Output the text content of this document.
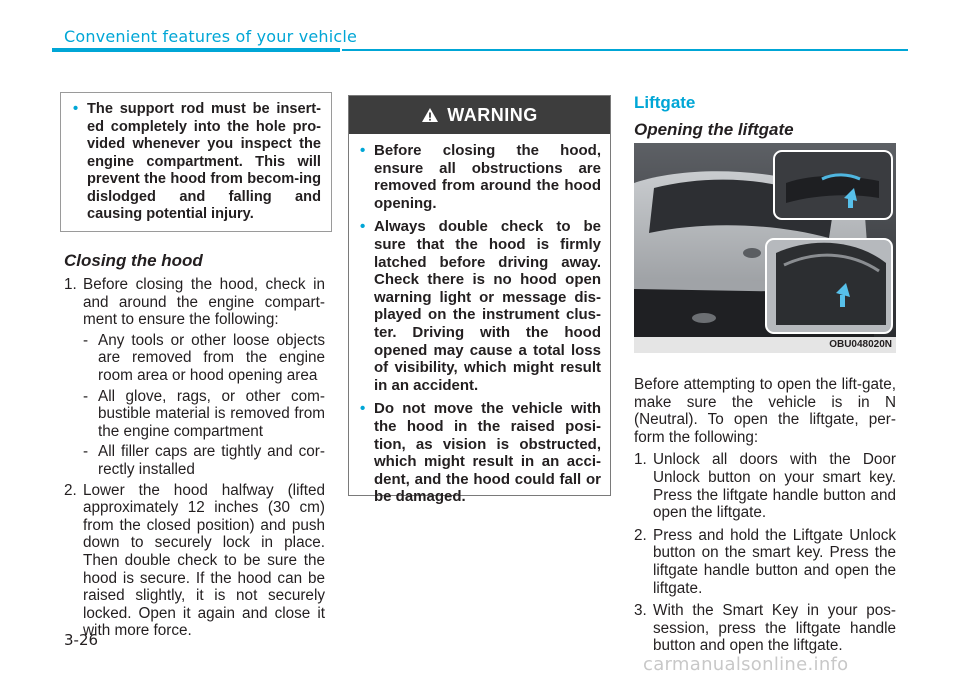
Convenient features of your vehicle
• The support rod must be insert-ed completely into the hole pro-vided whenever you inspect the engine compartment. This will prevent the hood from becom-ing dislodged and falling and causing potential injury.
Closing the hood
1. Before closing the hood, check in and around the engine compart-ment to ensure the following:
- Any tools or other loose objects are removed from the engine room area or hood opening area
- All glove, rags, or other com-bustible material is removed from the engine compartment
- All filler caps are tightly and cor-rectly installed
2. Lower the hood halfway (lifted approximately 12 inches (30 cm) from the closed position) and push down to securely lock in place. Then double check to be sure the hood is secure. If the hood can be raised slightly, it is not securely locked. Open it again and close it with more force.
WARNING
• Before closing the hood, ensure all obstructions are removed from around the hood opening.
• Always double check to be sure that the hood is firmly latched before driving away. Check there is no hood open warning light or message dis-played on the instrument clus-ter. Driving with the hood opened may cause a total loss of visibility, which might result in an accident.
• Do not move the vehicle with the hood in the raised posi-tion, as vision is obstructed, which might result in an acci-dent, and the hood could fall or be damaged.
Liftgate
Opening the liftgate
OBU048020N
Before attempting to open the lift-gate, make sure the vehicle is in N (Neutral). To open the liftgate, per-form the following:
1. Unlock all doors with the Door Unlock button on your smart key. Press the liftgate handle button and open the liftgate.
2. Press and hold the Liftgate Unlock button on the smart key. Press the liftgate handle button and open the liftgate.
3. With the Smart Key in your pos-session, press the liftgate handle button and open the liftgate.
3-26
carmanualsonline.info
